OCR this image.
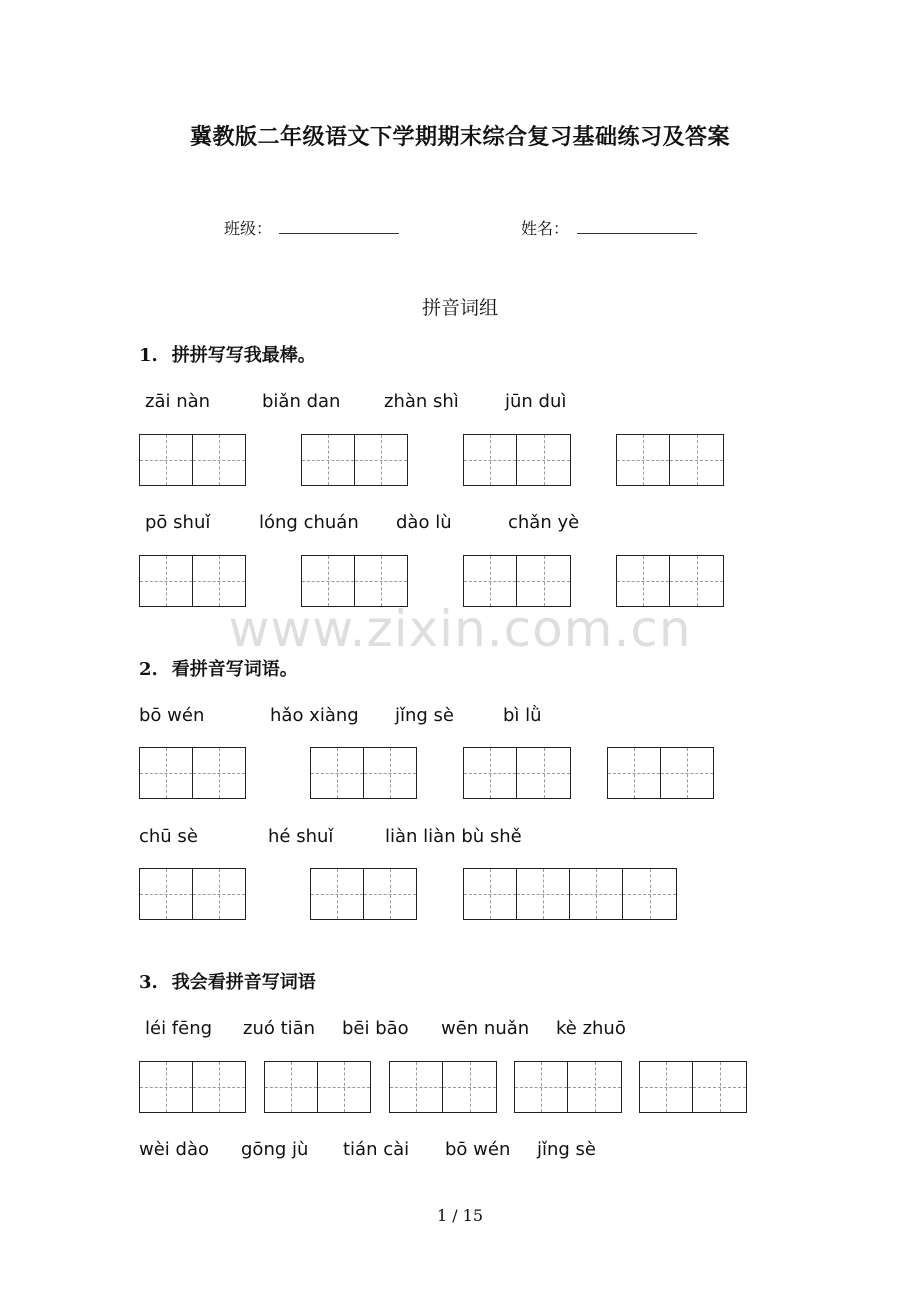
冀教版二年级语文下学期期末综合复习基础练习及答案
班级：	姓名：
拼音词组
1. 拼拼写写我最棒。
zāi nàn	biǎn dan zhàn shì	jūn duì
pō shuǐ	lóng chuán dào lù	chǎn yè
www.zixin.com.cn
2. 看拼音写词语。
bō wén	hǎo xiàng jǐng sè	bì lǜ
chū sè	hé shuǐ	liàn liàn bù shě
3. 我会看拼音写词语
léi fēng zuó tiān bēi bāo wēn nuǎn kè zhuō
wèi dào gōng jù tián cài bō wén jǐng sè
1 / 15
